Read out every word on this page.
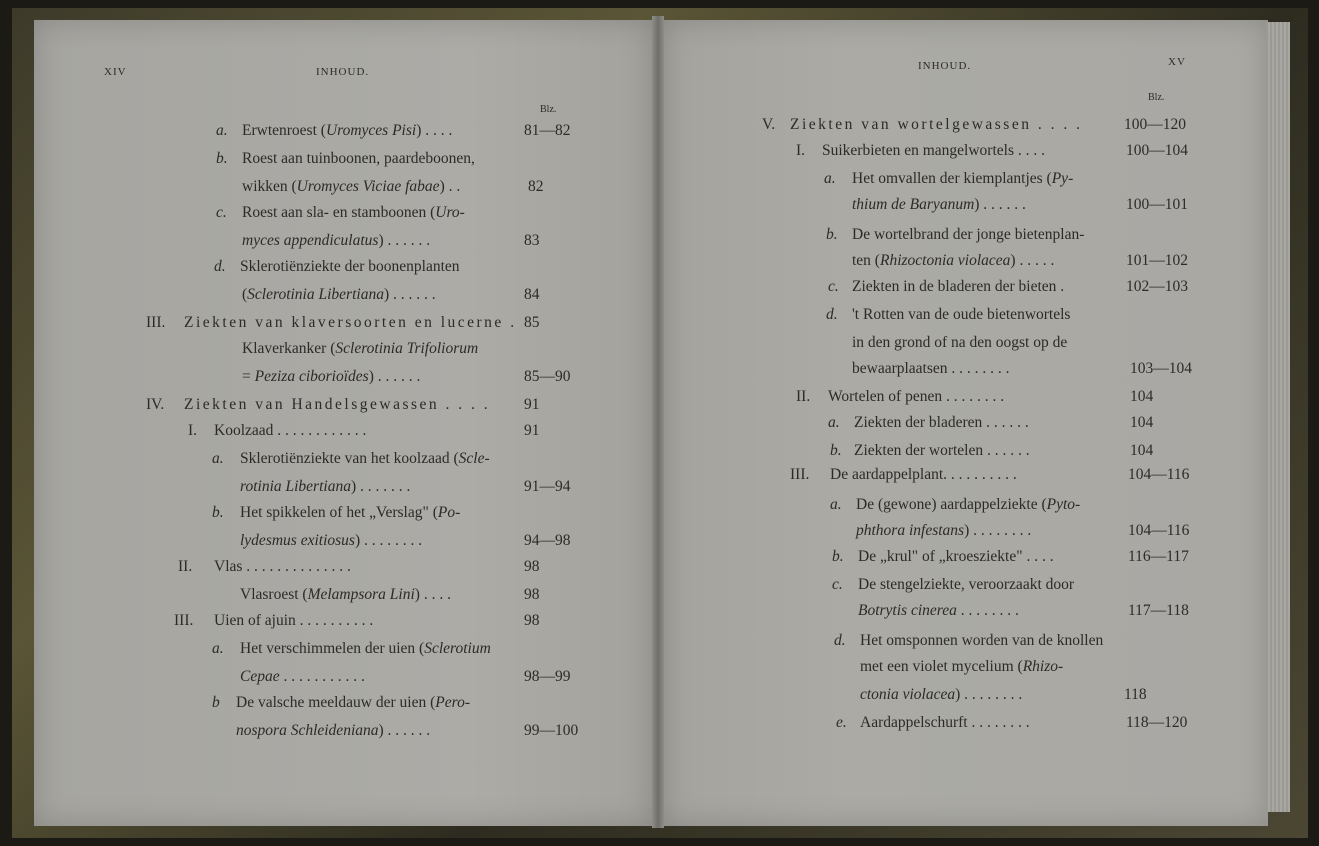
XIV	INHOUD.
Blz.
INHOUD.	XV
Blz.
a. Erwtenroest (Uromyces Pisi) . . . .	81—82
b. Roest aan tuinboonen, paardeboonen,
wikken (Uromyces Viciae fabae) . .	82
c. Roest aan sla- en stamboonen (Uro-
myces appendiculatus) . . . . . .	83
d. Sklerotiënziekte der boonenplanten
(Sclerotinia Libertiana) . . . . . .	84
III. Ziekten van klaversoorten en lucerne . 85
Klaverkanker (Sclerotinia Trifoliorum
= Peziza ciborioïdes) . . . . . .	85—90
IV. Ziekten van Handelsgewassen . . . . 91
I. Koolzaad . . . . . . . . . . . .	91
a. Sklerotiënziekte van het koolzaad (Scle-
rotinia Libertiana) . . . . . . .	91—94
b. Het spikkelen of het „Verslag" (Po-
lydesmus exitiosus) . . . . . . . .	94—98
II. Vlas . . . . . . . . . . . . . .	98
Vlasroest (Melampsora Lini) . . . .	98
III. Uien of ajuin . . . . . . . . . .	98
a. Het verschimmelen der uien (Sclerotium
Cepae . . . . . . . . . . .	98—99
b De valsche meeldauw der uien (Pero-
nospora Schleideniana) . . . . . .	99—100
V. Ziekten van wortelgewassen . . . .	100—120
I. Suikerbieten en mangelwortels . . . .	100—104
a. Het omvallen der kiemplantjes (Py-
thium de Baryanum) . . . . . .	100—101
b. De wortelbrand der jonge bietenplan-
ten (Rhizoctonia violacea) . . . . .	101—102
c. Ziekten in de bladeren der bieten .	102—103
d. 't Rotten van de oude bietenwortels
in den grond of na den oogst op de
bewaarplaatsen . . . . . . . .	103—104
II. Wortelen of penen . . . . . . . .	104
a. Ziekten der bladeren . . . . . .	104
b. Ziekten der wortelen . . . . . .	104
III. De aardappelplant. . . . . . . . . .	104—116
a. De (gewone) aardappelziekte (Pyto-
phthora infestans) . . . . . . . .	104—116
b. De „krul" of „kroesziekte" . . . .	116—117
c. De stengelziekte, veroorzaakt door
Botrytis cinerea . . . . . . . .	117—118
d. Het omsponnen worden van de knollen
met een violet mycelium (Rhizo-
ctonia violacea) . . . . . . . .	118
e. Aardappelschurft . . . . . . . .	118—120
